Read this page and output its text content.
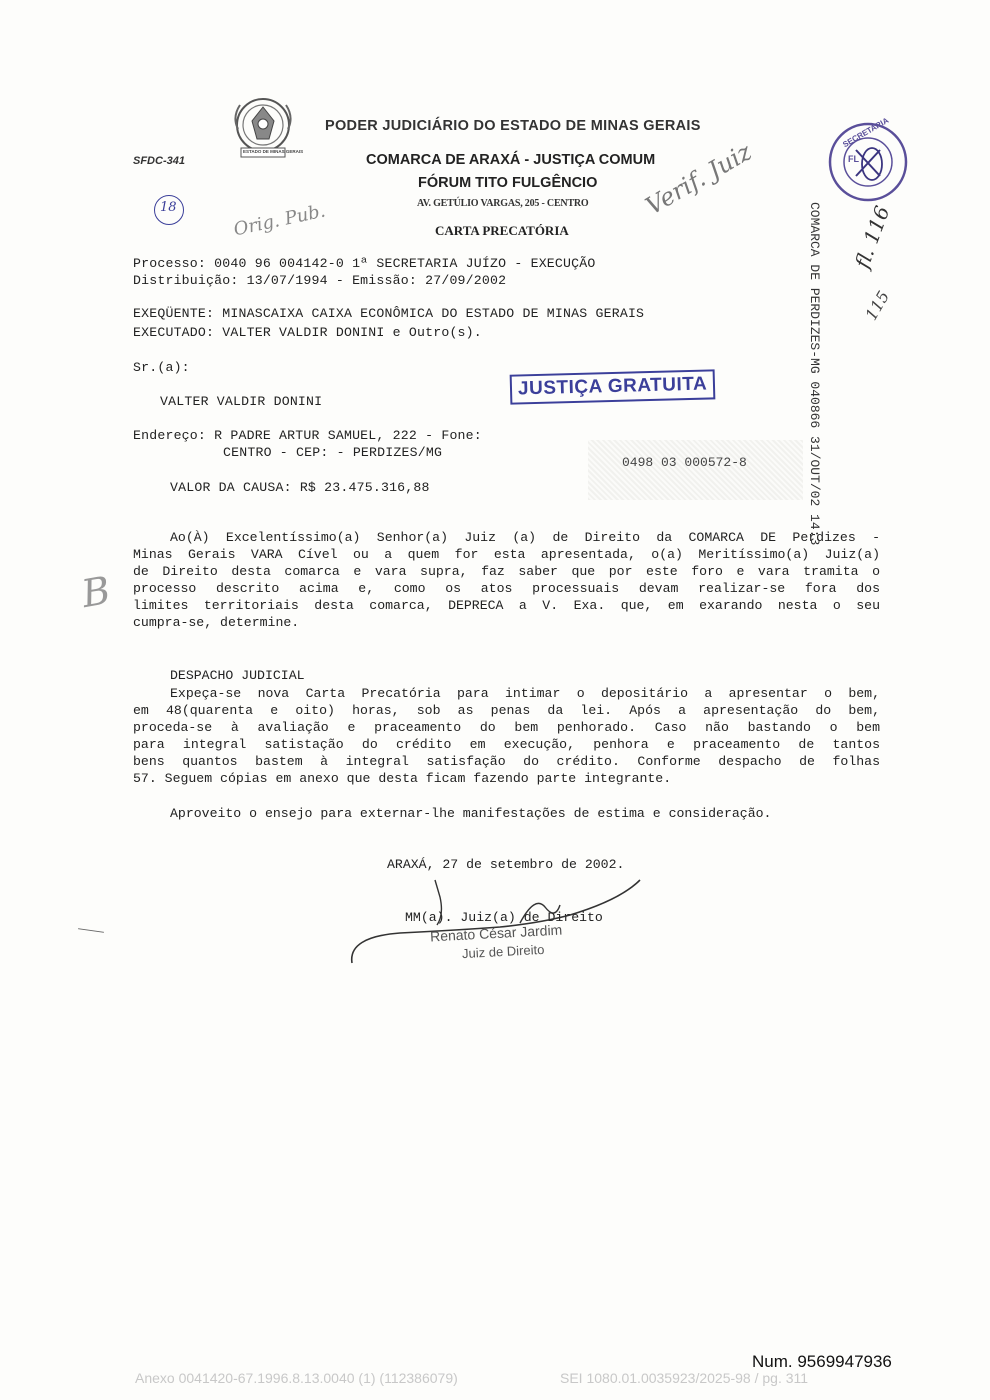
ESTADO DE MINAS GERAIS
PODER JUDICIÁRIO DO ESTADO DE MINAS GERAIS
SFDC-341	COMARCA DE ARAXÁ - JUSTIÇA COMUM
FÓRUM TITO FULGÊNCIO
AV. GETÚLIO VARGAS, 205 - CENTRO
CARTA PRECATÓRIA
Processo: 0040 96 004142-0 1ª SECRETARIA JUÍZO - EXECUÇÃO
Distribuição: 13/07/1994 - Emissão: 27/09/2002
EXEQÜENTE: MINASCAIXA CAIXA ECONÔMICA DO ESTADO DE MINAS GERAIS
EXECUTADO: VALTER VALDIR DONINI e Outro(s).
Sr.(a):
VALTER VALDIR DONINI
Endereço: R PADRE ARTUR SAMUEL, 222 - Fone:
CENTRO - CEP: - PERDIZES/MG
VALOR DA CAUSA: R$ 23.475.316,88
JUSTIÇA GRATUITA
0498 03 000572-8	COMARCA DE PERDIZES-MG 040866 31/OUT/02 14:3
SECRETARIA
FL
18	Orig. Pub.
Verif. Juiz
fl. 116
115
B
Ao(À) Excelentíssimo(a) Senhor(a) Juiz (a) de Direito da COMARCA DE Perdizes -
Minas Gerais VARA Cível ou a quem for esta apresentada, o(a) Meritíssimo(a) Juiz(a)
de Direito desta comarca e vara supra, faz saber que por este foro e vara tramita o
processo descrito acima e, como os atos processuais devam realizar-se fora dos
limites territoriais desta comarca, DEPRECA a V. Exa. que, em exarando nesta o seu
cumpra-se, determine.
DESPACHO JUDICIAL
Expeça-se nova Carta Precatória para intimar o depositário a apresentar o bem,
em 48(quarenta e oito) horas, sob as penas da lei. Após a apresentação do bem,
proceda-se à avaliação e praceamento do bem penhorado. Caso não bastando o bem
para integral satistação do crédito em execução, penhora e praceamento de tantos
bens quantos bastem à integral satisfação do crédito. Conforme despacho de folhas
57. Seguem cópias em anexo que desta ficam fazendo parte integrante.
Aproveito o ensejo para externar-lhe manifestações de estima e consideração.
ARAXÁ, 27 de setembro de 2002.
MM(a). Juiz(a) de Direito
Renato César Jardim
Juiz de Direito
Num. 9569947936
Anexo 0041420-67.1996.8.13.0040 (1) (112386079)	SEI 1080.01.0035923/2025-98 / pg. 311
